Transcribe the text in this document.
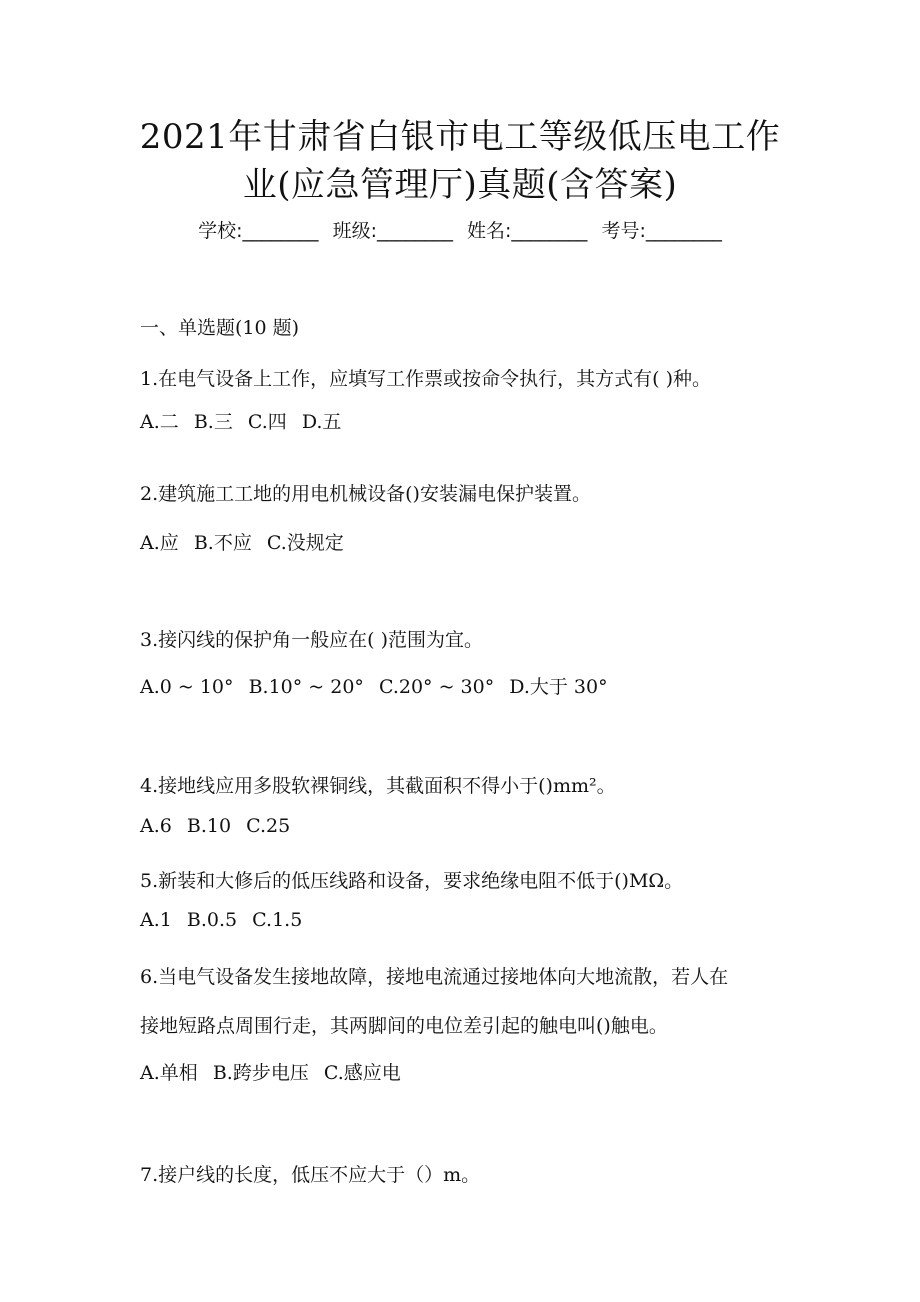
2021年甘肃省白银市电工等级低压电工作
业(应急管理厅)真题(含答案)
学校:________ 班级:________ 姓名:________ 考号:________
一、单选题(10 题)
1.在电气设备上工作，应填写工作票或按命令执行，其方式有( )种。
A.二 B.三 C.四 D.五
2.建筑施工工地的用电机械设备()安装漏电保护装置。
A.应 B.不应 C.没规定
3.接闪线的保护角一般应在( )范围为宜。
A.0 ~ 10° B.10° ~ 20° C.20° ~ 30° D.大于 30°
4.接地线应用多股软裸铜线，其截面积不得小于()mm²。
A.6 B.10 C.25
5.新装和大修后的低压线路和设备，要求绝缘电阻不低于()MΩ。
A.1 B.0.5 C.1.5
6.当电气设备发生接地故障，接地电流通过接地体向大地流散，若人在
接地短路点周围行走，其两脚间的电位差引起的触电叫()触电。
A.单相 B.跨步电压 C.感应电
7.接户线的长度，低压不应大于（）m。
